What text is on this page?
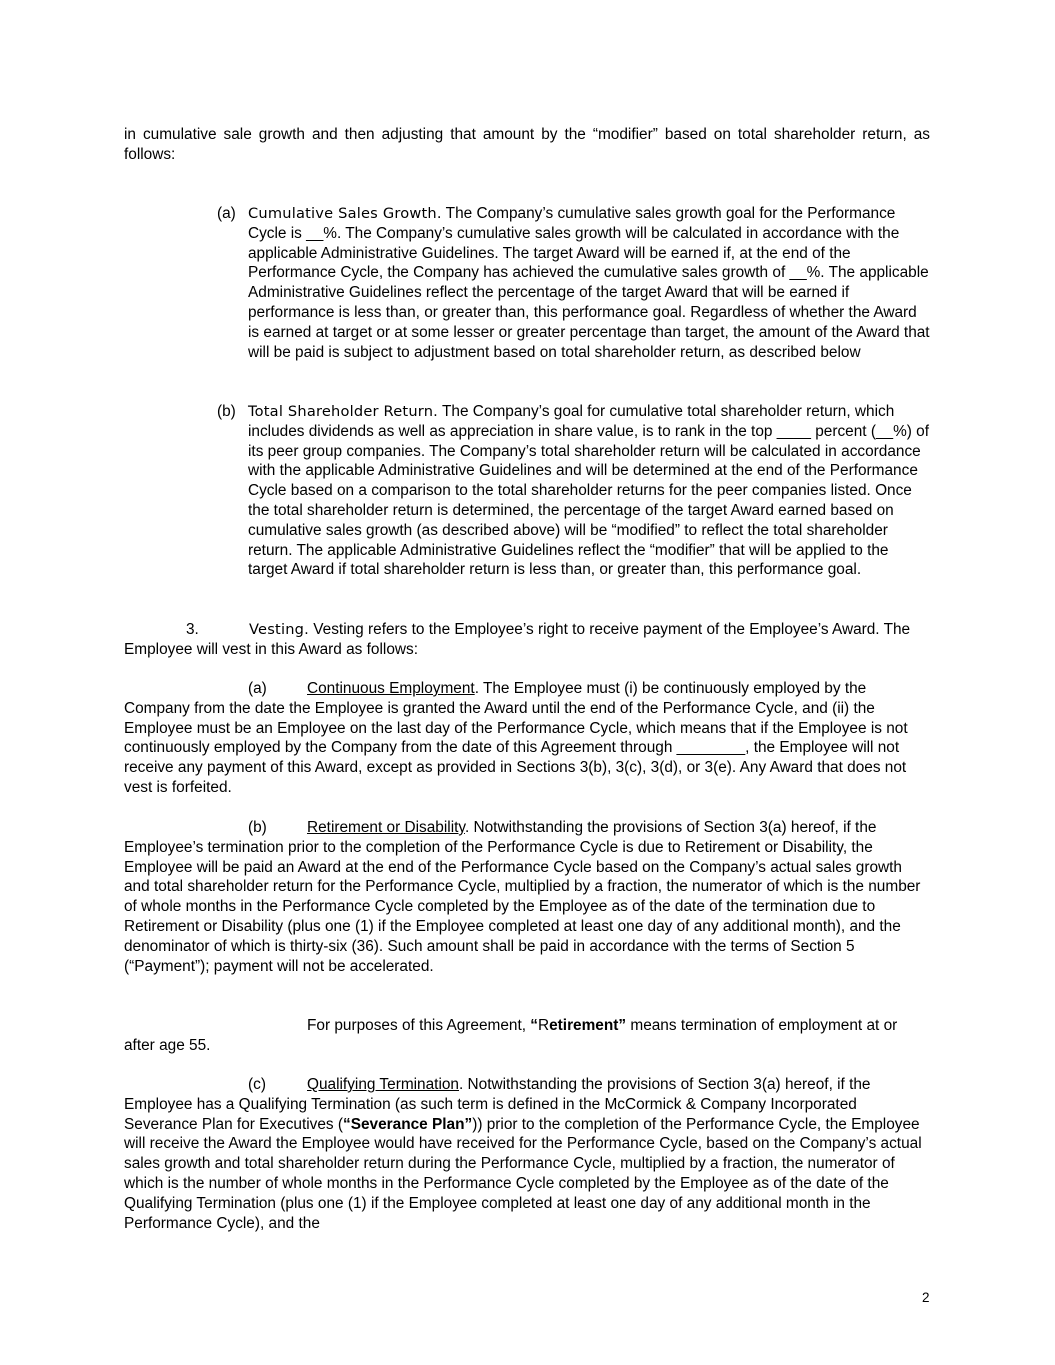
in cumulative sale growth and then adjusting that amount by the “modifier” based on total shareholder return, as follows:

(a) Cumulative Sales Growth. The Company’s cumulative sales growth goal for the Performance Cycle is __%. The Company’s cumulative sales growth will be calculated in accordance with the applicable Administrative Guidelines. The target Award will be earned if, at the end of the Performance Cycle, the Company has achieved the cumulative sales growth of __%. The applicable Administrative Guidelines reflect the percentage of the target Award that will be earned if performance is less than, or greater than, this performance goal. Regardless of whether the Award is earned at target or at some lesser or greater percentage than target, the amount of the Award that will be paid is subject to adjustment based on total shareholder return, as described below

(b) Total Shareholder Return. The Company’s goal for cumulative total shareholder return, which includes dividends as well as appreciation in share value, is to rank in the top ____ percent (__%) of its peer group companies. The Company’s total shareholder return will be calculated in accordance with the applicable Administrative Guidelines and will be determined at the end of the Performance Cycle based on a comparison to the total shareholder returns for the peer companies listed. Once the total shareholder return is determined, the percentage of the target Award earned based on cumulative sales growth (as described above) will be “modified” to reflect the total shareholder return. The applicable Administrative Guidelines reflect the “modifier” that will be applied to the target Award if total shareholder return is less than, or greater than, this performance goal.

3.	Vesting. Vesting refers to the Employee’s right to receive payment of the Employee’s Award. The Employee will vest in this Award as follows:

(a)	Continuous Employment. The Employee must (i) be continuously employed by the Company from the date the Employee is granted the Award until the end of the Performance Cycle, and (ii) the Employee must be an Employee on the last day of the Performance Cycle, which means that if the Employee is not continuously employed by the Company from the date of this Agreement through ________, the Employee will not receive any payment of this Award, except as provided in Sections 3(b), 3(c), 3(d), or 3(e). Any Award that does not vest is forfeited.

(b)	Retirement or Disability. Notwithstanding the provisions of Section 3(a) hereof, if the Employee’s termination prior to the completion of the Performance Cycle is due to Retirement or Disability, the Employee will be paid an Award at the end of the Performance Cycle based on the Company’s actual sales growth and total shareholder return for the Performance Cycle, multiplied by a fraction, the numerator of which is the number of whole months in the Performance Cycle completed by the Employee as of the date of the termination due to Retirement or Disability (plus one (1) if the Employee completed at least one day of any additional month), and the denominator of which is thirty-six (36). Such amount shall be paid in accordance with the terms of Section 5 (“Payment”); payment will not be accelerated.

For purposes of this Agreement, “Retirement” means termination of employment at or after age 55.

(c)	Qualifying Termination. Notwithstanding the provisions of Section 3(a) hereof, if the Employee has a Qualifying Termination (as such term is defined in the McCormick & Company Incorporated Severance Plan for Executives (“Severance Plan”)) prior to the completion of the Performance Cycle, the Employee will receive the Award the Employee would have received for the Performance Cycle, based on the Company’s actual sales growth and total shareholder return during the Performance Cycle, multiplied by a fraction, the numerator of which is the number of whole months in the Performance Cycle completed by the Employee as of the date of the Qualifying Termination (plus one (1) if the Employee completed at least one day of any additional month in the Performance Cycle), and the

2
